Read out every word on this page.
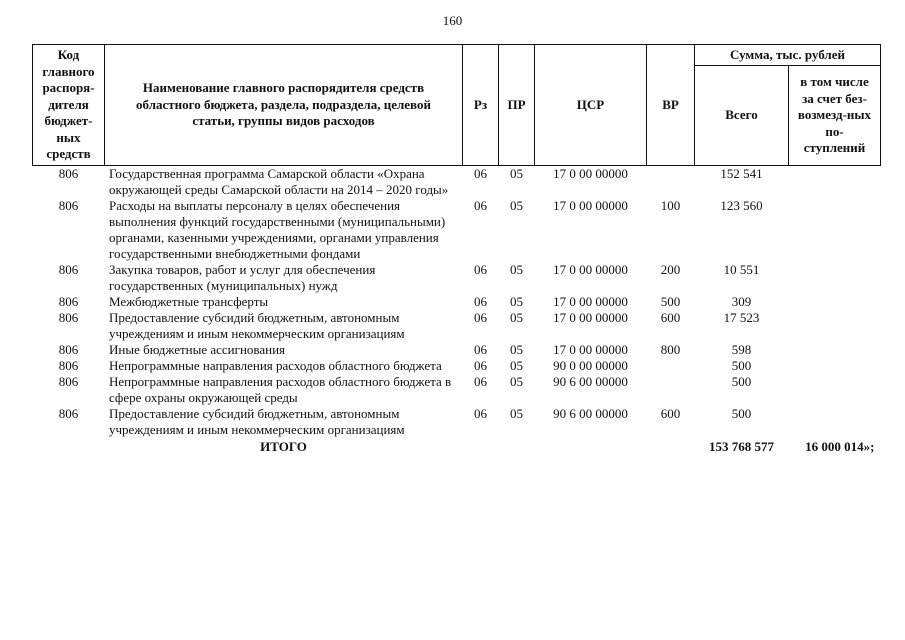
160
Код главного распоря-дителя бюджет-ных средств	Наименование главного распорядителя средств областного бюджета, раздела, подраздела, целевой статьи, группы видов расходов	Рз	ПР	ЦСР	ВР	Сумма, тыс. рублей	
						Всего	в том числе за счет без-возмезд-ных по-ступлений
806	Государственная программа Самарской области «Охрана окружающей среды Самарской области на 2014 – 2020 годы»	06	05	17 0 00 00000		152 541	
806	Расходы на выплаты персоналу в целях обеспечения выполнения функций государственными (муниципальными) органами, казенными учреждениями, органами управления государственными внебюджетными фондами	06	05	17 0 00 00000	100	123 560	
806	Закупка товаров, работ и услуг для обеспечения государственных (муниципальных) нужд	06	05	17 0 00 00000	200	10 551	
806	Межбюджетные трансферты	06	05	17 0 00 00000	500	309	
806	Предоставление субсидий бюджетным, автономным учреждениям и иным некоммерческим организациям	06	05	17 0 00 00000	600	17 523	
806	Иные бюджетные ассигнования	06	05	17 0 00 00000	800	598	
806	Непрограммные направления расходов областного бюджета	06	05	90 0 00 00000		500	
806	Непрограммные направления расходов областного бюджета в сфере охраны окружающей среды	06	05	90 6 00 00000		500	
806	Предоставление субсидий бюджетным, автономным учреждениям и иным некоммерческим организациям	06	05	90 6 00 00000	600	500	
	ИТОГО					153 768 577	16 000 014»;
